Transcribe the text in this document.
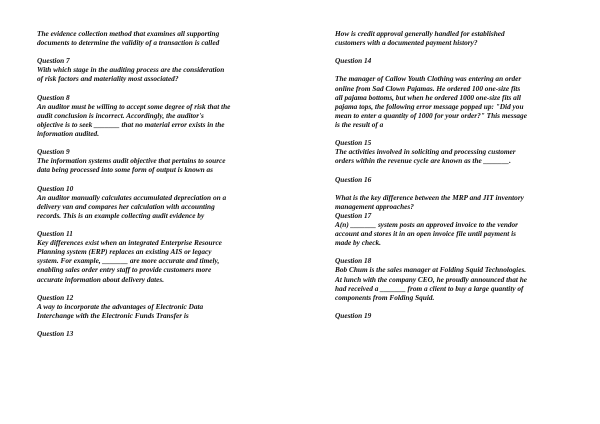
The evidence collection method that examines all supporting
documents to determine the validity of a transaction is called
Question 7
With which stage in the auditing process are the consideration
of risk factors and materiality most associated?
Question 8
An auditor must be willing to accept some degree of risk that the
audit conclusion is incorrect. Accordingly, the auditor's
objective is to seek _______ that no material error exists in the
information audited.
Question 9
The information systems audit objective that pertains to source
data being processed into some form of output is known as
Question 10
An auditor manually calculates accumulated depreciation on a
delivery van and compares her calculation with accounting
records. This is an example collecting audit evidence by
Question 11
Key differences exist when an integrated Enterprise Resource
Planning system (ERP) replaces an existing AIS or legacy
system. For example, _______ are more accurate and timely,
enabling sales order entry staff to provide customers more
accurate information about delivery dates.
Question 12
A way to incorporate the advantages of Electronic Data
Interchange with the Electronic Funds Transfer is
Question 13
How is credit approval generally handled for established
customers with a documented payment history?
Question 14
The manager of Callow Youth Clothing was entering an order
online from Sad Clown Pajamas. He ordered 100 one-size fits
all pajama bottoms, but when he ordered 1000 one-size fits all
pajama tops, the following error message popped up: "Did you
mean to enter a quantity of 1000 for your order?" This message
is the result of a
Question 15
The activities involved in soliciting and processing customer
orders within the revenue cycle are known as the _______.
Question 16
What is the key difference between the MRP and JIT inventory
management approaches?
Question 17
A(n) _______ system posts an approved invoice to the vendor
account and stores it in an open invoice file until payment is
made by check.
Question 18
Bob Chum is the sales manager at Folding Squid Technologies.
At lunch with the company CEO, he proudly announced that he
had received a _______ from a client to buy a large quantity of
components from Folding Squid.
Question 19
